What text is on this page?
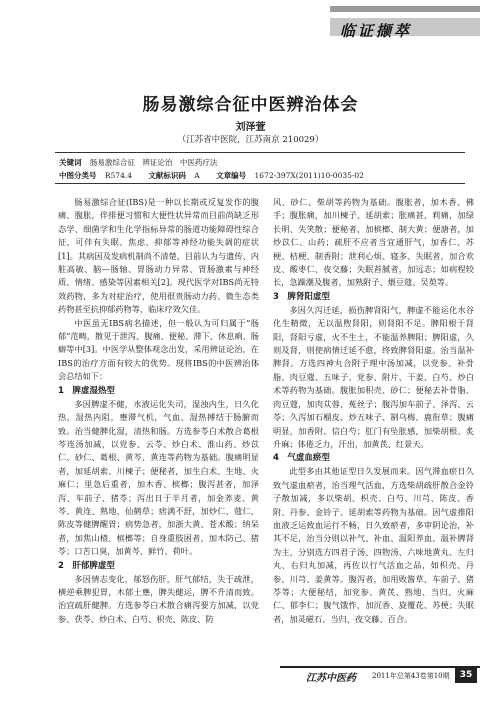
临证撷萃
肠易激综合征中医辨治体会
刘泽萱
（江苏省中医院，江苏南京 210029）
关键词 肠易激综合征　辨证论治　中医药疗法
中图分类号 R574.4 文献标识码 A 文章编号 1672-397X(2011)10-0035-02

肠易激综合征(IBS)是一种以长期或反复发作的腹痛、腹胀，伴排便习惯和大便性状异常而目前尚缺乏形态学、细菌学和生化学指标异常的肠道功能障碍性综合征，可伴有失眠、焦虑、抑郁等神经功能失调的症状[1]。其病因及发病机制尚不清楚，目前认为与遗传、内脏高敏、脑—肠轴、胃肠动力异常、胃肠激素与神经质、情绪、感染等因素相关[2]。现代医学对IBS尚无特效药物，多为对症治疗，使用很贵肠动力药、微生态类药物甚至抗抑郁药物等，临床疗效欠佳。

中医虽无IBS病名描述，但一般认为可归属于“肠郁”范畴，散见于泄泻、腹痛、便秘、滞下、休息痢、肠癖等中[3]。中医学从整体观念出发，采用辨证论治，在IBS的治疗方面有较大的优势。现将IBS的中医辨治体会总结如下：

1　脾虚湿热型

多因脾虚不健，水液运化失司，湿浊内生，日久化热，湿热内阻，壅滞气机，气血、湿热搏结于肠腑而致。治当健脾化湿，清热和肠。方选参苓白术散合葛根芩连汤加减，以党参、云苓、炒白术、淮山药、炒苡仁、砂仁、葛根、黄芩、黄连等药物为基础。腹痛明显者，加延胡索、川楝子；便秘者，加生白术、生地、火麻仁；里急后重者，加木香、槟榔；腹泻甚者，加泽泻、车前子、猪苓；泻出日于半月者，加金荞麦、黄芩、黄连、熟地、仙鹤草；痞满不舒，加炒仁、蔻仁、陈皮等健脾醒胃；病势急者，加浙大黄、苍术酸；纳呆者，加焦山楂、槟榔等；自身重肢困者，加木防己、猪苓；口苦口臭，加黄芩、鲜竹、荷叶。

2　肝郁脾虚型

多因情志变化，郁怒伤肝，肝气郁结，失于疏泄，横逆乘脾犯胃，木郁土壅，脾失健运，脾不升清而致。治宜疏肝健脾。方选参苓白术散合痛泻要方加减，以党参、茯苓、炒白术、白芍、枳壳、陈皮、防

风、砂仁、柴胡等药物为基础。腹胀者，加木香、佛手；腹胀痛，加川楝子、延胡索；胀痛甚，莉痛，加绿长明、失笑散；便秘者，加槟榔、制大黄；便溏者，加炒苡仁、山药；疏肝不应者当宜通肝气，加香仁、苏梗、桔梗、制香附；泄利心烦、寝多、失眠者，加合欢皮、酸枣仁、夜交藤；失眠苔腻者，加远志；如病程较长，急躁潮及腹者，加熟附子、煨豆蔻、吴萸等。

3　脾肾阳虚型

多因久泻迁延，损伤脾肾阳气，脾虚不能运化水谷化生精微，无以温煦肾阳，则肾阳不足。脾阳根于肾阳，肾阳亏虚，火不生土，不能温养脾阳；脾阳虚，久则及肾，则使病情迁延不愈，终致脾肾阳虚。治当温补脾肾。方选四神丸合附子理中汤加减，以党参、补骨脂、肉豆蔻、五味子、党参、附片、干姜、白芍、炒白术等药物为基础。腹胀加积壳、砂仁；便秘去补骨脂、肉豆蔻，加肉苁蓉、菟丝子；腹泻加车前子、泽泻、云苓；久泻加石榴皮、炒五味子、制乌梅、鹿衔草；腹痛明显，加香附、信白芍；肛门有坠胀感，加柴胡根、炙升麻；体倦乏力，汗出，加黄芪、红景天。

4　气虚血瘀型

此型多由其他证型日久发展而来。因气滞血瘀日久致气虚血瘀者，治当理气活血，方选柴胡疏肝散合金铃子散加减，多以柴胡、枳壳、白芍、川芎、陈皮、香附、丹参、金铃子、延胡索等药物为基础。因气虚推阳血液乏运致血运行不畅，日久致瘀者，多审阴论治，补其不足，治当分则以补气、补血、温阳养血、温补脾肾为主，分别选方四君子汤、四物汤、六味地黄丸、左归丸、右归丸加减，再佐以行气活血之品，如枳壳、丹参、川芎、姜黄等。腹泻者，加用败酱草、车前子、猪苓等；大便秘结，加党参、黄芪、熟地、当归、火麻仁、郁李仁；腹气饿怍，加沉香、旋覆花、苏梗；失眠者，加灵磁石、当归、夜交藤、百合。

江苏中医药 2011年总第43卷第10期	35
